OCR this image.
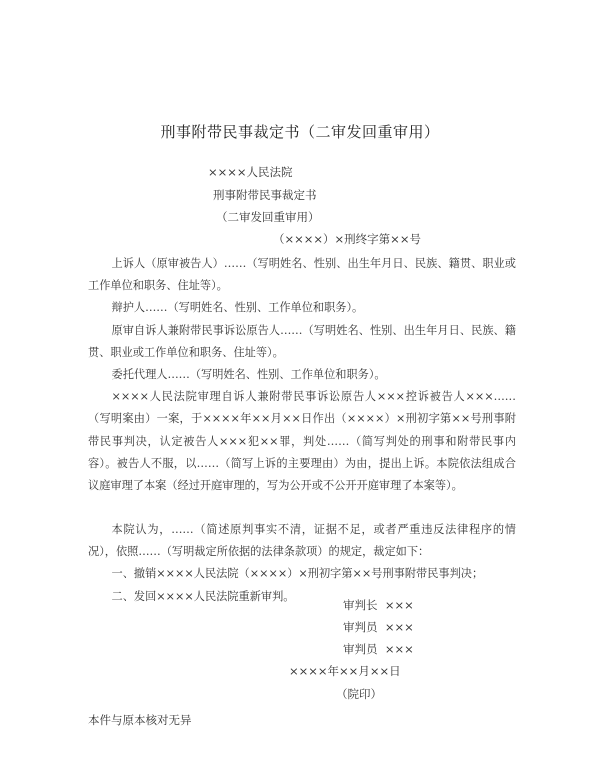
刑事附带民事裁定书（二审发回重审用）
××××人民法院
刑事附带民事裁定书
（二审发回重审用）
（××××）×刑终字第××号
上诉人（原审被告人）……（写明姓名、性别、出生年月日、民族、籍贯、职业或工作单位和职务、住址等）。
辩护人……（写明姓名、性别、工作单位和职务）。
原审自诉人兼附带民事诉讼原告人……（写明姓名、性别、出生年月日、民族、籍贯、职业或工作单位和职务、住址等）。
委托代理人……（写明姓名、性别、工作单位和职务）。
××××人民法院审理自诉人兼附带民事诉讼原告人×××控诉被告人×××……（写明案由）一案，于××××年××月××日作出（××××）×刑初字第××号刑事附带民事判决，认定被告人×××犯××罪，判处……（简写判处的刑事和附带民事内容）。被告人不服，以……（简写上诉的主要理由）为由，提出上诉。本院依法组成合议庭审理了本案（经过开庭审理的，写为公开或不公开开庭审理了本案等）。
本院认为，……（简述原判事实不清，证据不足，或者严重违反法律程序的情况），依照……（写明裁定所依据的法律条款项）的规定，裁定如下：
一、撤销××××人民法院（××××）×刑初字第××号刑事附带民事判决；
二、发回××××人民法院重新审判。
审判长 ×××
审判员 ×××
审判员 ×××
××××年××月××日
（院印）
本件与原本核对无异
